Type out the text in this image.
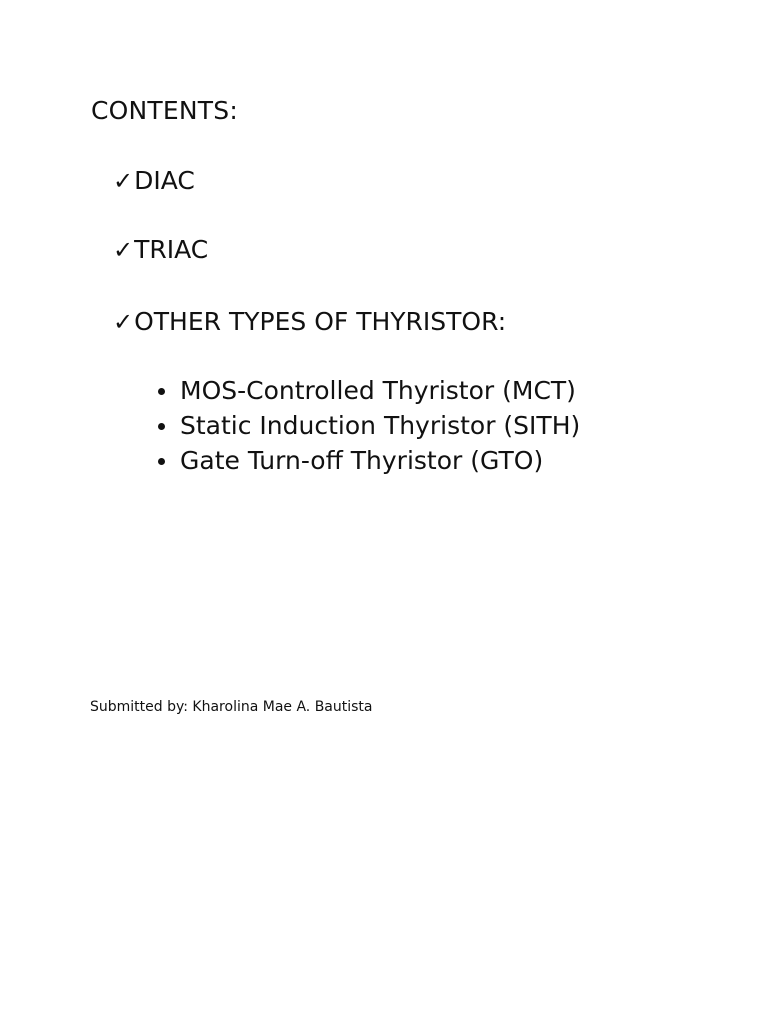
CONTENTS:
✓DIAC
✓TRIAC
✓OTHER TYPES OF THYRISTOR:
MOS-Controlled Thyristor (MCT)
Static Induction Thyristor (SITH)
Gate Turn-off Thyristor (GTO)
Submitted by: Kharolina Mae A. Bautista
